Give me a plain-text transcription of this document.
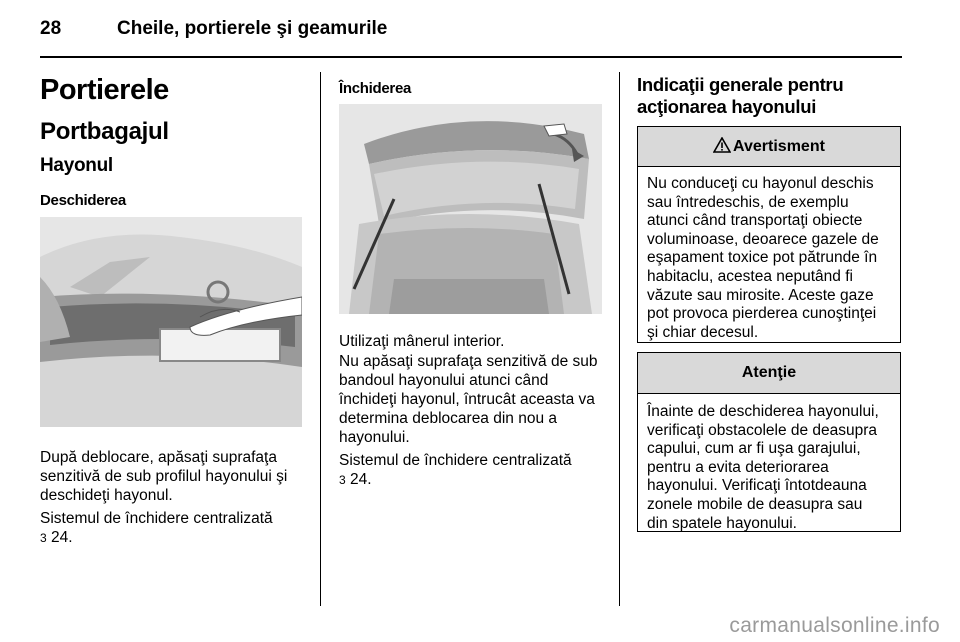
28	Cheile, portierele şi geamurile
Portierele
Portbagajul
Hayonul
Deschiderea
După deblocare, apăsaţi suprafaţa
senzitivă de sub profilul hayonului şi
deschideţi hayonul.
Sistemul de închidere centralizată
3 24.
Închiderea
Utilizaţi mânerul interior.
Nu apăsaţi suprafaţa senzitivă de sub
bandoul hayonului atunci când
închideţi hayonul, întrucât aceasta va
determina deblocarea din nou a
hayonului.
Sistemul de închidere centralizată
3 24.
Indicaţii generale pentru
acţionarea hayonului
Avertisment
Nu conduceţi cu hayonul deschis
sau întredeschis, de exemplu
atunci când transportaţi obiecte
voluminoase, deoarece gazele de
eşapament toxice pot pătrunde în
habitaclu, acestea neputând fi
văzute sau mirosite. Aceste gaze
pot provoca pierderea cunoştinţei
şi chiar decesul.
Atenţie
Înainte de deschiderea hayonului,
verificaţi obstacolele de deasupra
capului, cum ar fi uşa garajului,
pentru a evita deteriorarea
hayonului. Verificaţi întotdeauna
zonele mobile de deasupra sau
din spatele hayonului.
carmanualsonline.info
